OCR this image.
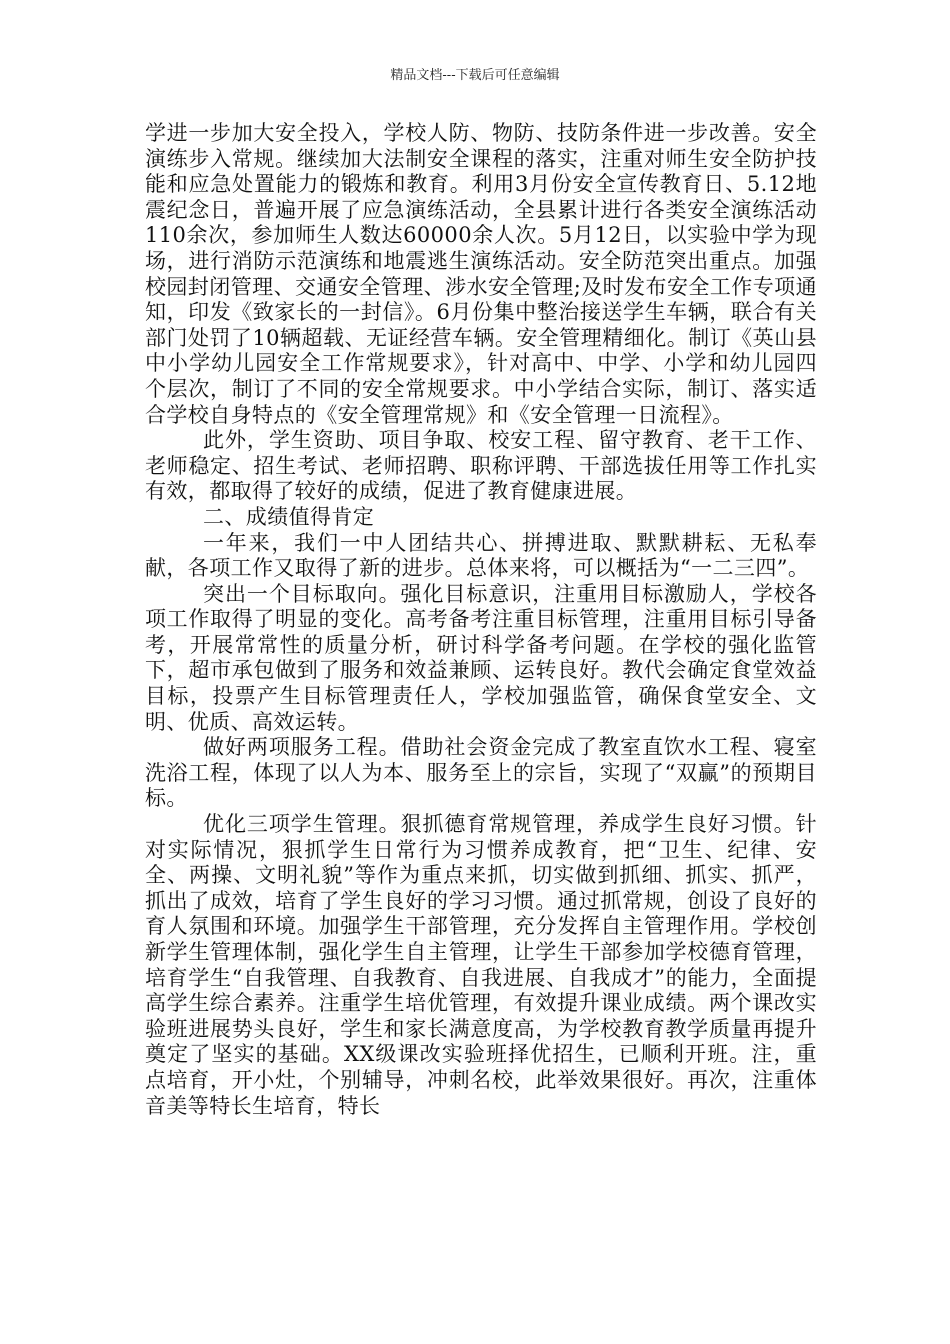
精品文档---下载后可任意编辑

学进一步加大安全投入，学校人防、物防、技防条件进一步改善。安全演练步入常规。继续加大法制安全课程的落实，注重对师生安全防护技能和应急处置能力的锻炼和教育。利用3月份安全宣传教育日、5.12地震纪念日，普遍开展了应急演练活动，全县累计进行各类安全演练活动110余次，参加师生人数达60000余人次。5月12日，以实验中学为现场，进行消防示范演练和地震逃生演练活动。安全防范突出重点。加强校园封闭管理、交通安全管理、涉水安全管理;及时发布安全工作专项通知，印发《致家长的一封信》。6月份集中整治接送学生车辆，联合有关部门处罚了10辆超载、无证经营车辆。安全管理精细化。制订《英山县中小学幼儿园安全工作常规要求》，针对高中、中学、小学和幼儿园四个层次，制订了不同的安全常规要求。中小学结合实际，制订、落实适合学校自身特点的《安全管理常规》和《安全管理一日流程》。

此外，学生资助、项目争取、校安工程、留守教育、老干工作、老师稳定、招生考试、老师招聘、职称评聘、干部选拔任用等工作扎实有效，都取得了较好的成绩，促进了教育健康进展。

二、成绩值得肯定

一年来，我们一中人团结共心、拼搏进取、默默耕耘、无私奉献，各项工作又取得了新的进步。总体来将，可以概括为“一二三四”。

突出一个目标取向。强化目标意识，注重用目标激励人，学校各项工作取得了明显的变化。高考备考注重目标管理，注重用目标引导备考，开展常常性的质量分析，研讨科学备考问题。在学校的强化监管下，超市承包做到了服务和效益兼顾、运转良好。教代会确定食堂效益目标，投票产生目标管理责任人，学校加强监管，确保食堂安全、文明、优质、高效运转。

做好两项服务工程。借助社会资金完成了教室直饮水工程、寝室洗浴工程，体现了以人为本、服务至上的宗旨，实现了“双赢”的预期目标。

优化三项学生管理。狠抓德育常规管理，养成学生良好习惯。针对实际情况，狠抓学生日常行为习惯养成教育，把“卫生、纪律、安全、两操、文明礼貌”等作为重点来抓，切实做到抓细、抓实、抓严，抓出了成效，培育了学生良好的学习习惯。通过抓常规，创设了良好的育人氛围和环境。加强学生干部管理，充分发挥自主管理作用。学校创新学生管理体制，强化学生自主管理，让学生干部参加学校德育管理，培育学生“自我管理、自我教育、自我进展、自我成才”的能力，全面提高学生综合素养。注重学生培优管理，有效提升课业成绩。两个课改实验班进展势头良好，学生和家长满意度高，为学校教育教学质量再提升奠定了坚实的基础。XX级课改实验班择优招生，已顺利开班。注，重点培育，开小灶，个别辅导，冲刺名校，此举效果很好。再次，注重体音美等特长生培育，特长
